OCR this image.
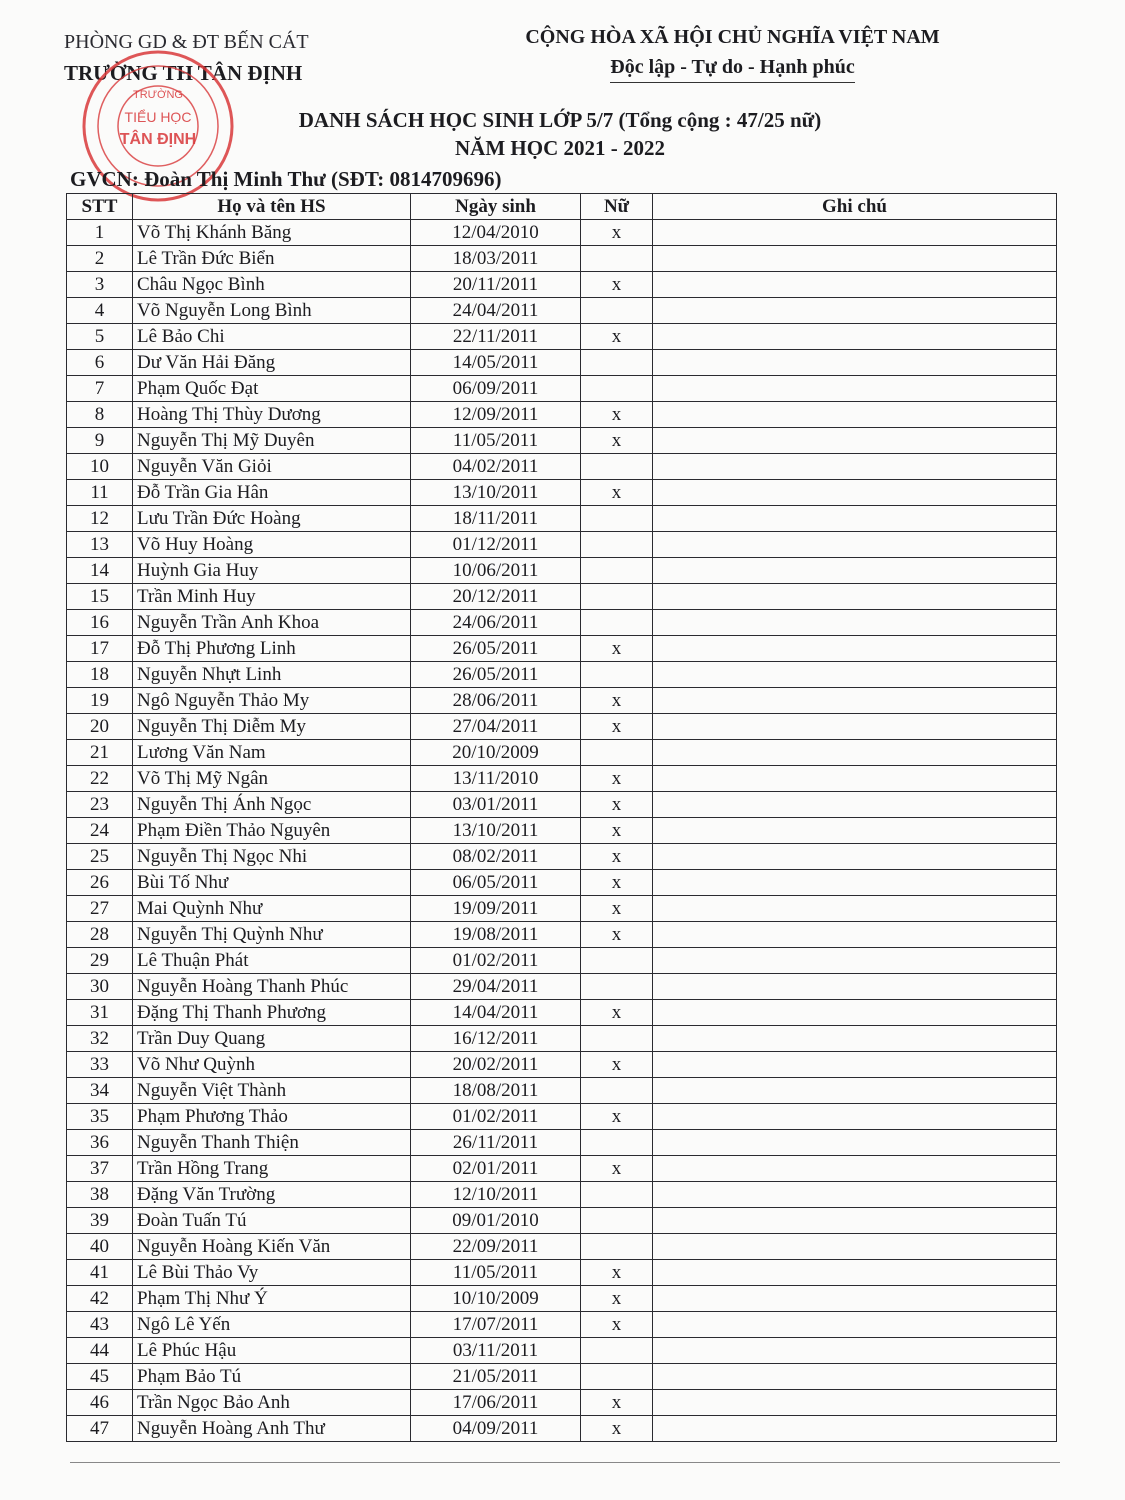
PHÒNG GD & ĐT BẾN CÁT
TRƯỜNG TH TÂN ĐỊNH
TRƯỜNG
TIỂU HỌC
TÂN ĐỊNH
CỘNG HÒA XÃ HỘI CHỦ NGHĨA VIỆT NAM
Độc lập - Tự do - Hạnh phúc
DANH SÁCH HỌC SINH LỚP 5/7 (Tổng cộng : 47/25 nữ)
NĂM HỌC 2021 - 2022
GVCN: Đoàn Thị Minh Thư (SĐT: 0814709696)
STT	Họ và tên HS	Ngày sinh	Nữ	Ghi chú
1	Võ Thị Khánh Băng	12/04/2010	x	
2	Lê Trần Đức Biển	18/03/2011		
3	Châu Ngọc Bình	20/11/2011	x	
4	Võ Nguyễn Long Bình	24/04/2011		
5	Lê Bảo Chi	22/11/2011	x	
6	Dư Văn Hải Đăng	14/05/2011		
7	Phạm Quốc Đạt	06/09/2011		
8	Hoàng Thị Thùy Dương	12/09/2011	x	
9	Nguyễn Thị Mỹ Duyên	11/05/2011	x	
10	Nguyễn Văn Giỏi	04/02/2011		
11	Đỗ Trần Gia Hân	13/10/2011	x	
12	Lưu Trần Đức Hoàng	18/11/2011		
13	Võ Huy Hoàng	01/12/2011		
14	Huỳnh Gia Huy	10/06/2011		
15	Trần Minh Huy	20/12/2011		
16	Nguyễn Trần Anh Khoa	24/06/2011		
17	Đỗ Thị Phương Linh	26/05/2011	x	
18	Nguyễn Nhựt Linh	26/05/2011		
19	Ngô Nguyễn Thảo My	28/06/2011	x	
20	Nguyễn Thị Diễm My	27/04/2011	x	
21	Lương Văn Nam	20/10/2009		
22	Võ Thị Mỹ Ngân	13/11/2010	x	
23	Nguyễn Thị Ánh Ngọc	03/01/2011	x	
24	Phạm Điền Thảo Nguyên	13/10/2011	x	
25	Nguyễn Thị Ngọc Nhi	08/02/2011	x	
26	Bùi Tố Như	06/05/2011	x	
27	Mai Quỳnh Như	19/09/2011	x	
28	Nguyễn Thị Quỳnh Như	19/08/2011	x	
29	Lê Thuận Phát	01/02/2011		
30	Nguyễn Hoàng Thanh Phúc	29/04/2011		
31	Đặng Thị Thanh Phương	14/04/2011	x	
32	Trần Duy Quang	16/12/2011		
33	Võ Như Quỳnh	20/02/2011	x	
34	Nguyễn Việt Thành	18/08/2011		
35	Phạm Phương Thảo	01/02/2011	x	
36	Nguyễn Thanh Thiện	26/11/2011		
37	Trần Hồng Trang	02/01/2011	x	
38	Đặng Văn Trường	12/10/2011		
39	Đoàn Tuấn Tú	09/01/2010		
40	Nguyễn Hoàng Kiến Văn	22/09/2011		
41	Lê Bùi Thảo Vy	11/05/2011	x	
42	Phạm Thị Như Ý	10/10/2009	x	
43	Ngô Lê Yến	17/07/2011	x	
44	Lê Phúc Hậu	03/11/2011		
45	Phạm Bảo Tú	21/05/2011		
46	Trần Ngọc Bảo Anh	17/06/2011	x	
47	Nguyễn Hoàng Anh Thư	04/09/2011	x	
